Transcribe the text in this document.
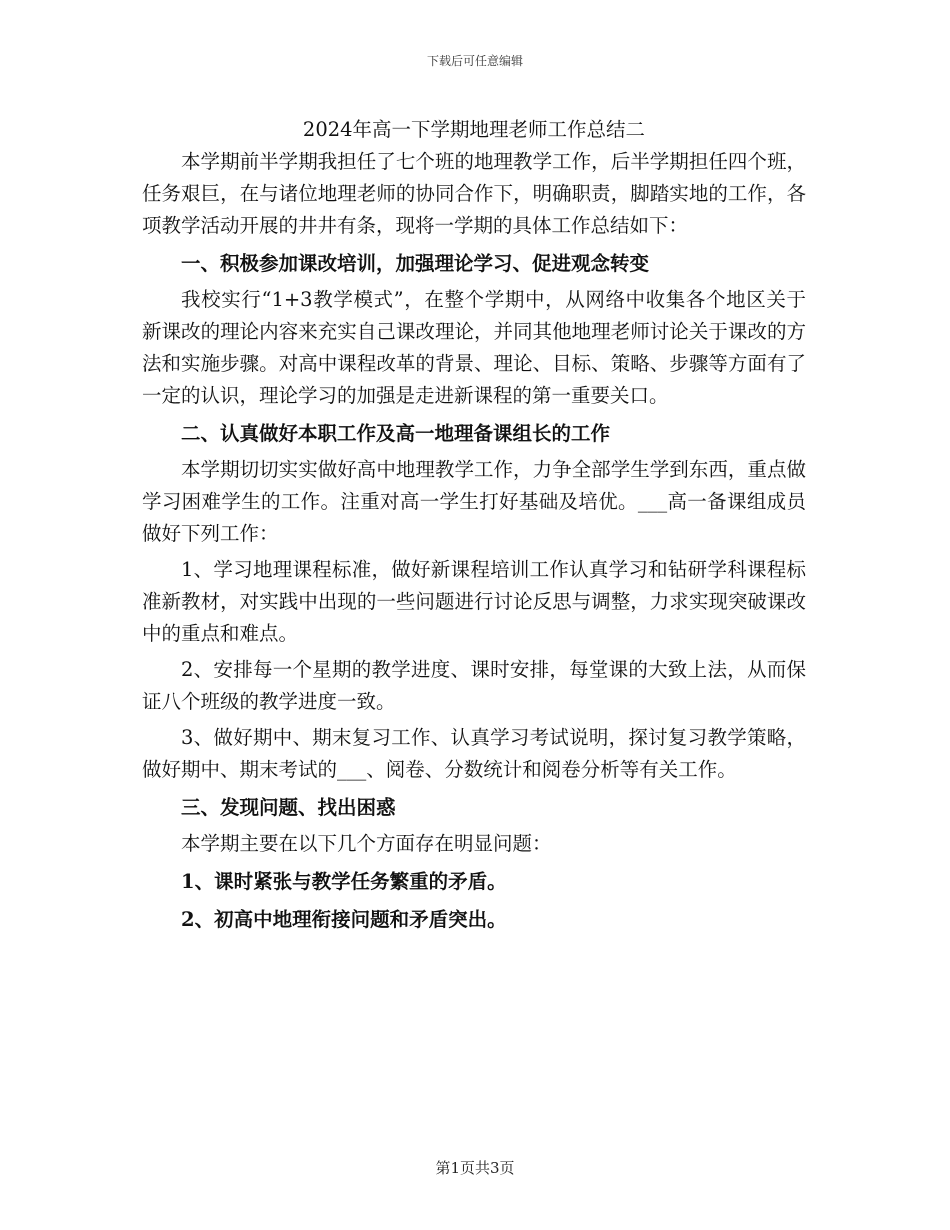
下载后可任意编辑
2024年高一下学期地理老师工作总结二

本学期前半学期我担任了七个班的地理教学工作，后半学期担任四个班，任务艰巨，在与诸位地理老师的协同合作下，明确职责，脚踏实地的工作，各项教学活动开展的井井有条，现将一学期的具体工作总结如下：

一、积极参加课改培训，加强理论学习、促进观念转变

我校实行“1+3教学模式”，在整个学期中，从网络中收集各个地区关于新课改的理论内容来充实自己课改理论，并同其他地理老师讨论关于课改的方法和实施步骤。对高中课程改革的背景、理论、目标、策略、步骤等方面有了一定的认识，理论学习的加强是走进新课程的第一重要关口。

二、认真做好本职工作及高一地理备课组长的工作

本学期切切实实做好高中地理教学工作，力争全部学生学到东西，重点做学习困难学生的工作。注重对高一学生打好基础及培优。___高一备课组成员做好下列工作：

1、学习地理课程标准，做好新课程培训工作认真学习和钻研学科课程标准新教材，对实践中出现的一些问题进行讨论反思与调整，力求实现突破课改中的重点和难点。

2、安排每一个星期的教学进度、课时安排，每堂课的大致上法，从而保证八个班级的教学进度一致。

3、做好期中、期末复习工作、认真学习考试说明，探讨复习教学策略，做好期中、期末考试的___、阅卷、分数统计和阅卷分析等有关工作。

三、发现问题、找出困惑

本学期主要在以下几个方面存在明显问题：

1、课时紧张与教学任务繁重的矛盾。

2、初高中地理衔接问题和矛盾突出。

第1页共3页
